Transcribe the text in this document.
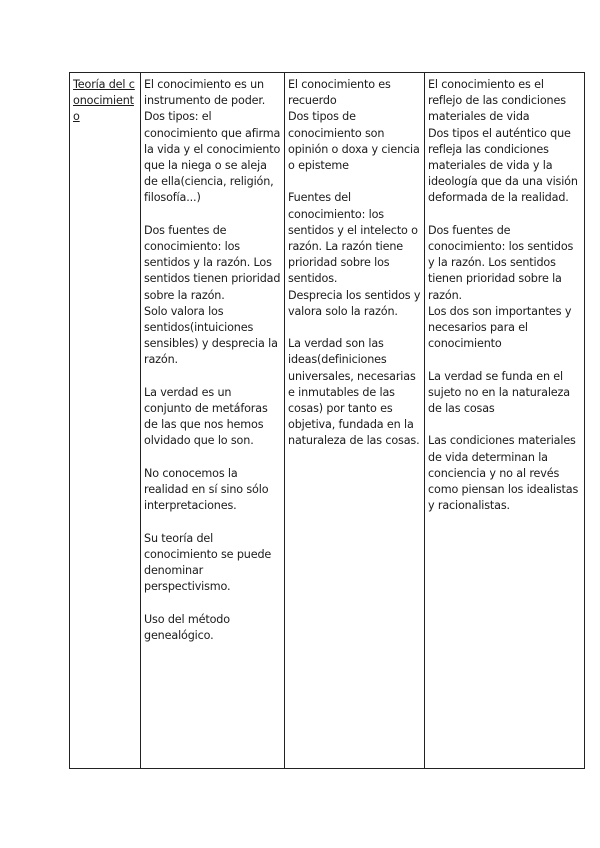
Teoría del conocimiento

El conocimiento es un instrumento de poder.
Dos tipos: el conocimiento que afirma la vida y el conocimiento que la niega o se aleja de ella(ciencia, religión, filosofía...)
Dos fuentes de conocimiento: los sentidos y la razón. Los sentidos tienen prioridad sobre la razón.
Solo valora los sentidos(intuiciones sensibles) y desprecia la razón.
La verdad es un conjunto de metáforas de las que nos hemos olvidado que lo son.
No conocemos la realidad en sí sino sólo interpretaciones.
Su teoría del conocimiento se puede denominar perspectivismo.
Uso del método genealógico.

El conocimiento es recuerdo
Dos tipos de conocimiento son opinión o doxa y ciencia o episteme
Fuentes del conocimiento: los sentidos y el intelecto o razón. La razón tiene prioridad sobre los sentidos.
Desprecia los sentidos y valora solo la razón.
La verdad son las ideas(definiciones universales, necesarias e inmutables de las cosas) por tanto es objetiva, fundada en la naturaleza de las cosas.

El conocimiento es el reflejo de las condiciones materiales de vida
Dos tipos el auténtico que refleja las condiciones materiales de vida y la ideología que da una visión deformada de la realidad.
Dos fuentes de conocimiento: los sentidos y la razón. Los sentidos tienen prioridad sobre la razón.
Los dos son importantes y necesarios para el conocimiento
La verdad se funda en el sujeto no en la naturaleza de las cosas
Las condiciones materiales de vida determinan la conciencia y no al revés como piensan los idealistas y racionalistas.
